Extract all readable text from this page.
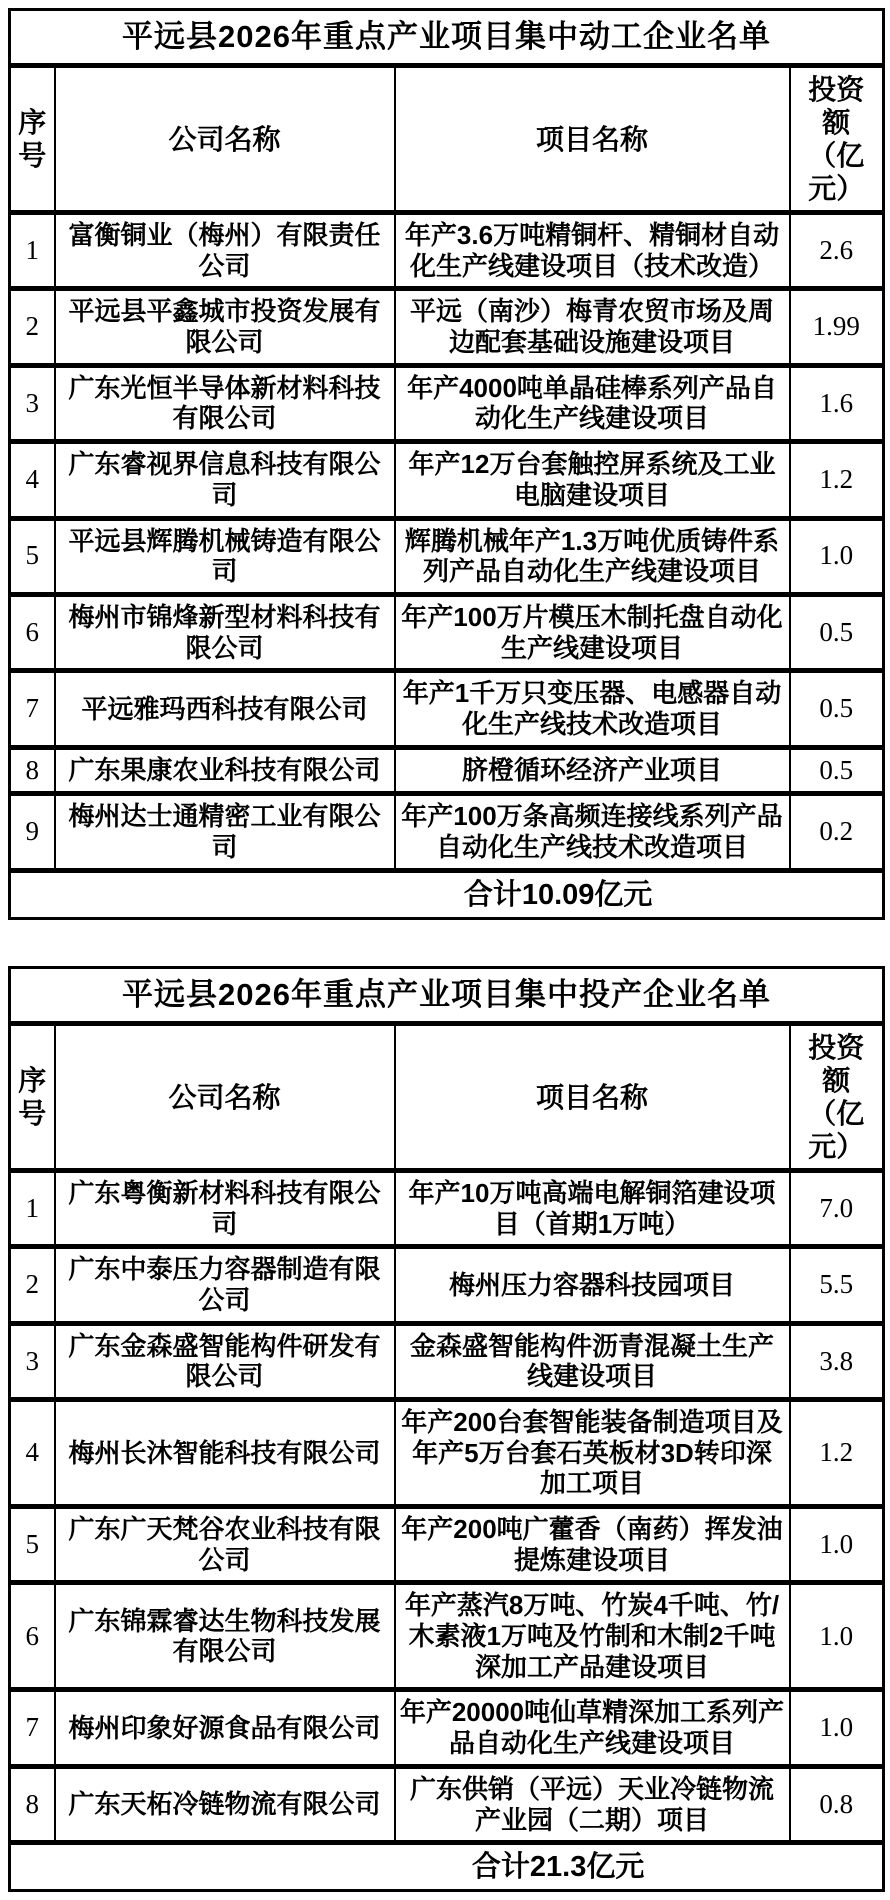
平远县2026年重点产业项目集中动工企业名单			
序号	公司名称	项目名称	投资额（亿元）
1	富衡铜业（梅州）有限责任公司	年产3.6万吨精铜杆、精铜材自动化生产线建设项目（技术改造）	2.6
2	平远县平鑫城市投资发展有限公司	平远（南沙）梅青农贸市场及周边配套基础设施建设项目	1.99
3	广东光恒半导体新材料科技有限公司	年产4000吨单晶硅棒系列产品自动化生产线建设项目	1.6
4	广东睿视界信息科技有限公司	年产12万台套触控屏系统及工业电脑建设项目	1.2
5	平远县辉腾机械铸造有限公司	辉腾机械年产1.3万吨优质铸件系列产品自动化生产线建设项目	1.0
6	梅州市锦烽新型材料科技有限公司	年产100万片模压木制托盘自动化生产线建设项目	0.5
7	平远雅玛西科技有限公司	年产1千万只变压器、电感器自动化生产线技术改造项目	0.5
8	广东果康农业科技有限公司	脐橙循环经济产业项目	0.5
9	梅州达士通精密工业有限公司	年产100万条高频连接线系列产品自动化生产线技术改造项目	0.2
合计10.09亿元			
平远县2026年重点产业项目集中投产企业名单			
序号	公司名称	项目名称	投资额（亿元）
1	广东粤衡新材料科技有限公司	年产10万吨高端电解铜箔建设项目（首期1万吨）	7.0
2	广东中泰压力容器制造有限公司	梅州压力容器科技园项目	5.5
3	广东金森盛智能构件研发有限公司	金森盛智能构件沥青混凝土生产线建设项目	3.8
4	梅州长沐智能科技有限公司	年产200台套智能装备制造项目及年产5万台套石英板材3D转印深加工项目	1.2
5	广东广天梵谷农业科技有限公司	年产200吨广藿香（南药）挥发油 提炼建设项目	1.0
6	广东锦霖睿达生物科技发展有限公司	年产蒸汽8万吨、竹炭4千吨、竹/木素液1万吨及竹制和木制2千吨深加工产品建设项目	1.0
7	梅州印象好源食品有限公司	年产20000吨仙草精深加工系列产品自动化生产线建设项目	1.0
8	广东天柘冷链物流有限公司	广东供销（平远）天业冷链物流产业园（二期）项目	0.8
合计21.3亿元			
